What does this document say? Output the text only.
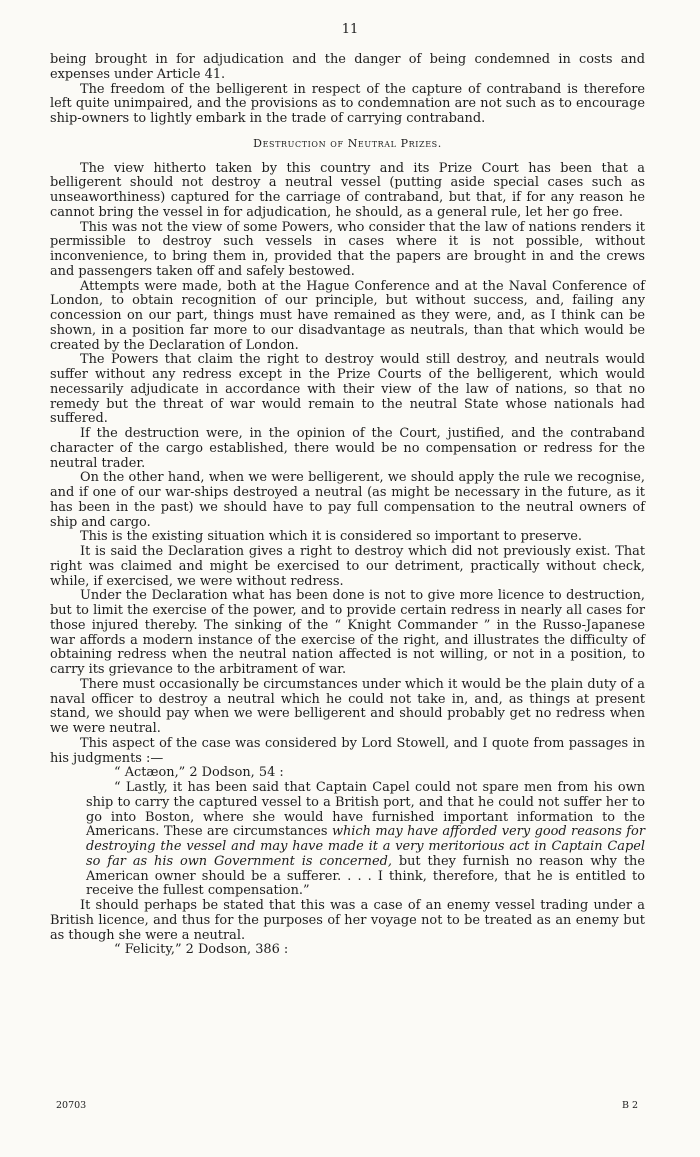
11

being brought in for adjudication and the danger of being condemned in costs and expenses under Article 41.

The freedom of the belligerent in respect of the capture of contraband is therefore left quite unimpaired, and the provisions as to condemnation are not such as to encourage ship-owners to lightly embark in the trade of carrying contraband.

Destruction of Neutral Prizes.

The view hitherto taken by this country and its Prize Court has been that a belligerent should not destroy a neutral vessel (putting aside special cases such as unseaworthiness) captured for the carriage of contraband, but that, if for any reason he cannot bring the vessel in for adjudication, he should, as a general rule, let her go free.

This was not the view of some Powers, who consider that the law of nations renders it permissible to destroy such vessels in cases where it is not possible, without inconvenience, to bring them in, provided that the papers are brought in and the crews and passengers taken off and safely bestowed.

Attempts were made, both at the Hague Conference and at the Naval Conference of London, to obtain recognition of our principle, but without success, and, failing any concession on our part, things must have remained as they were, and, as I think can be shown, in a position far more to our disadvantage as neutrals, than that which would be created by the Declaration of London.

The Powers that claim the right to destroy would still destroy, and neutrals would suffer without any redress except in the Prize Courts of the belligerent, which would necessarily adjudicate in accordance with their view of the law of nations, so that no remedy but the threat of war would remain to the neutral State whose nationals had suffered.

If the destruction were, in the opinion of the Court, justified, and the contraband character of the cargo established, there would be no compensation or redress for the neutral trader.

On the other hand, when we were belligerent, we should apply the rule we recognise, and if one of our war-ships destroyed a neutral (as might be necessary in the future, as it has been in the past) we should have to pay full compensation to the neutral owners of ship and cargo.

This is the existing situation which it is considered so important to preserve.

It is said the Declaration gives a right to destroy which did not previously exist. That right was claimed and might be exercised to our detriment, practically without check, while, if exercised, we were without redress.

Under the Declaration what has been done is not to give more licence to destruction, but to limit the exercise of the power, and to provide certain redress in nearly all cases for those injured thereby. The sinking of the “ Knight Commander ” in the Russo-Japanese war affords a modern instance of the exercise of the right, and illustrates the difficulty of obtaining redress when the neutral nation affected is not willing, or not in a position, to carry its grievance to the arbitrament of war.

There must occasionally be circumstances under which it would be the plain duty of a naval officer to destroy a neutral which he could not take in, and, as things at present stand, we should pay when we were belligerent and should probably get no redress when we were neutral.

This aspect of the case was considered by Lord Stowell, and I quote from passages in his judgments :—

“ Actæon,” 2 Dodson, 54 :

“ Lastly, it has been said that Captain Capel could not spare men from his own ship to carry the captured vessel to a British port, and that he could not suffer her to go into Boston, where she would have furnished important information to the Americans. These are circumstances which may have afforded very good reasons for destroying the vessel and may have made it a very meritorious act in Captain Capel so far as his own Government is concerned, but they furnish no reason why the American owner should be a sufferer. . . . I think, therefore, that he is entitled to receive the fullest compensation.”

It should perhaps be stated that this was a case of an enemy vessel trading under a British licence, and thus for the purposes of her voyage not to be treated as an enemy but as though she were a neutral.

“ Felicity,” 2 Dodson, 386 :

20703	B 2
